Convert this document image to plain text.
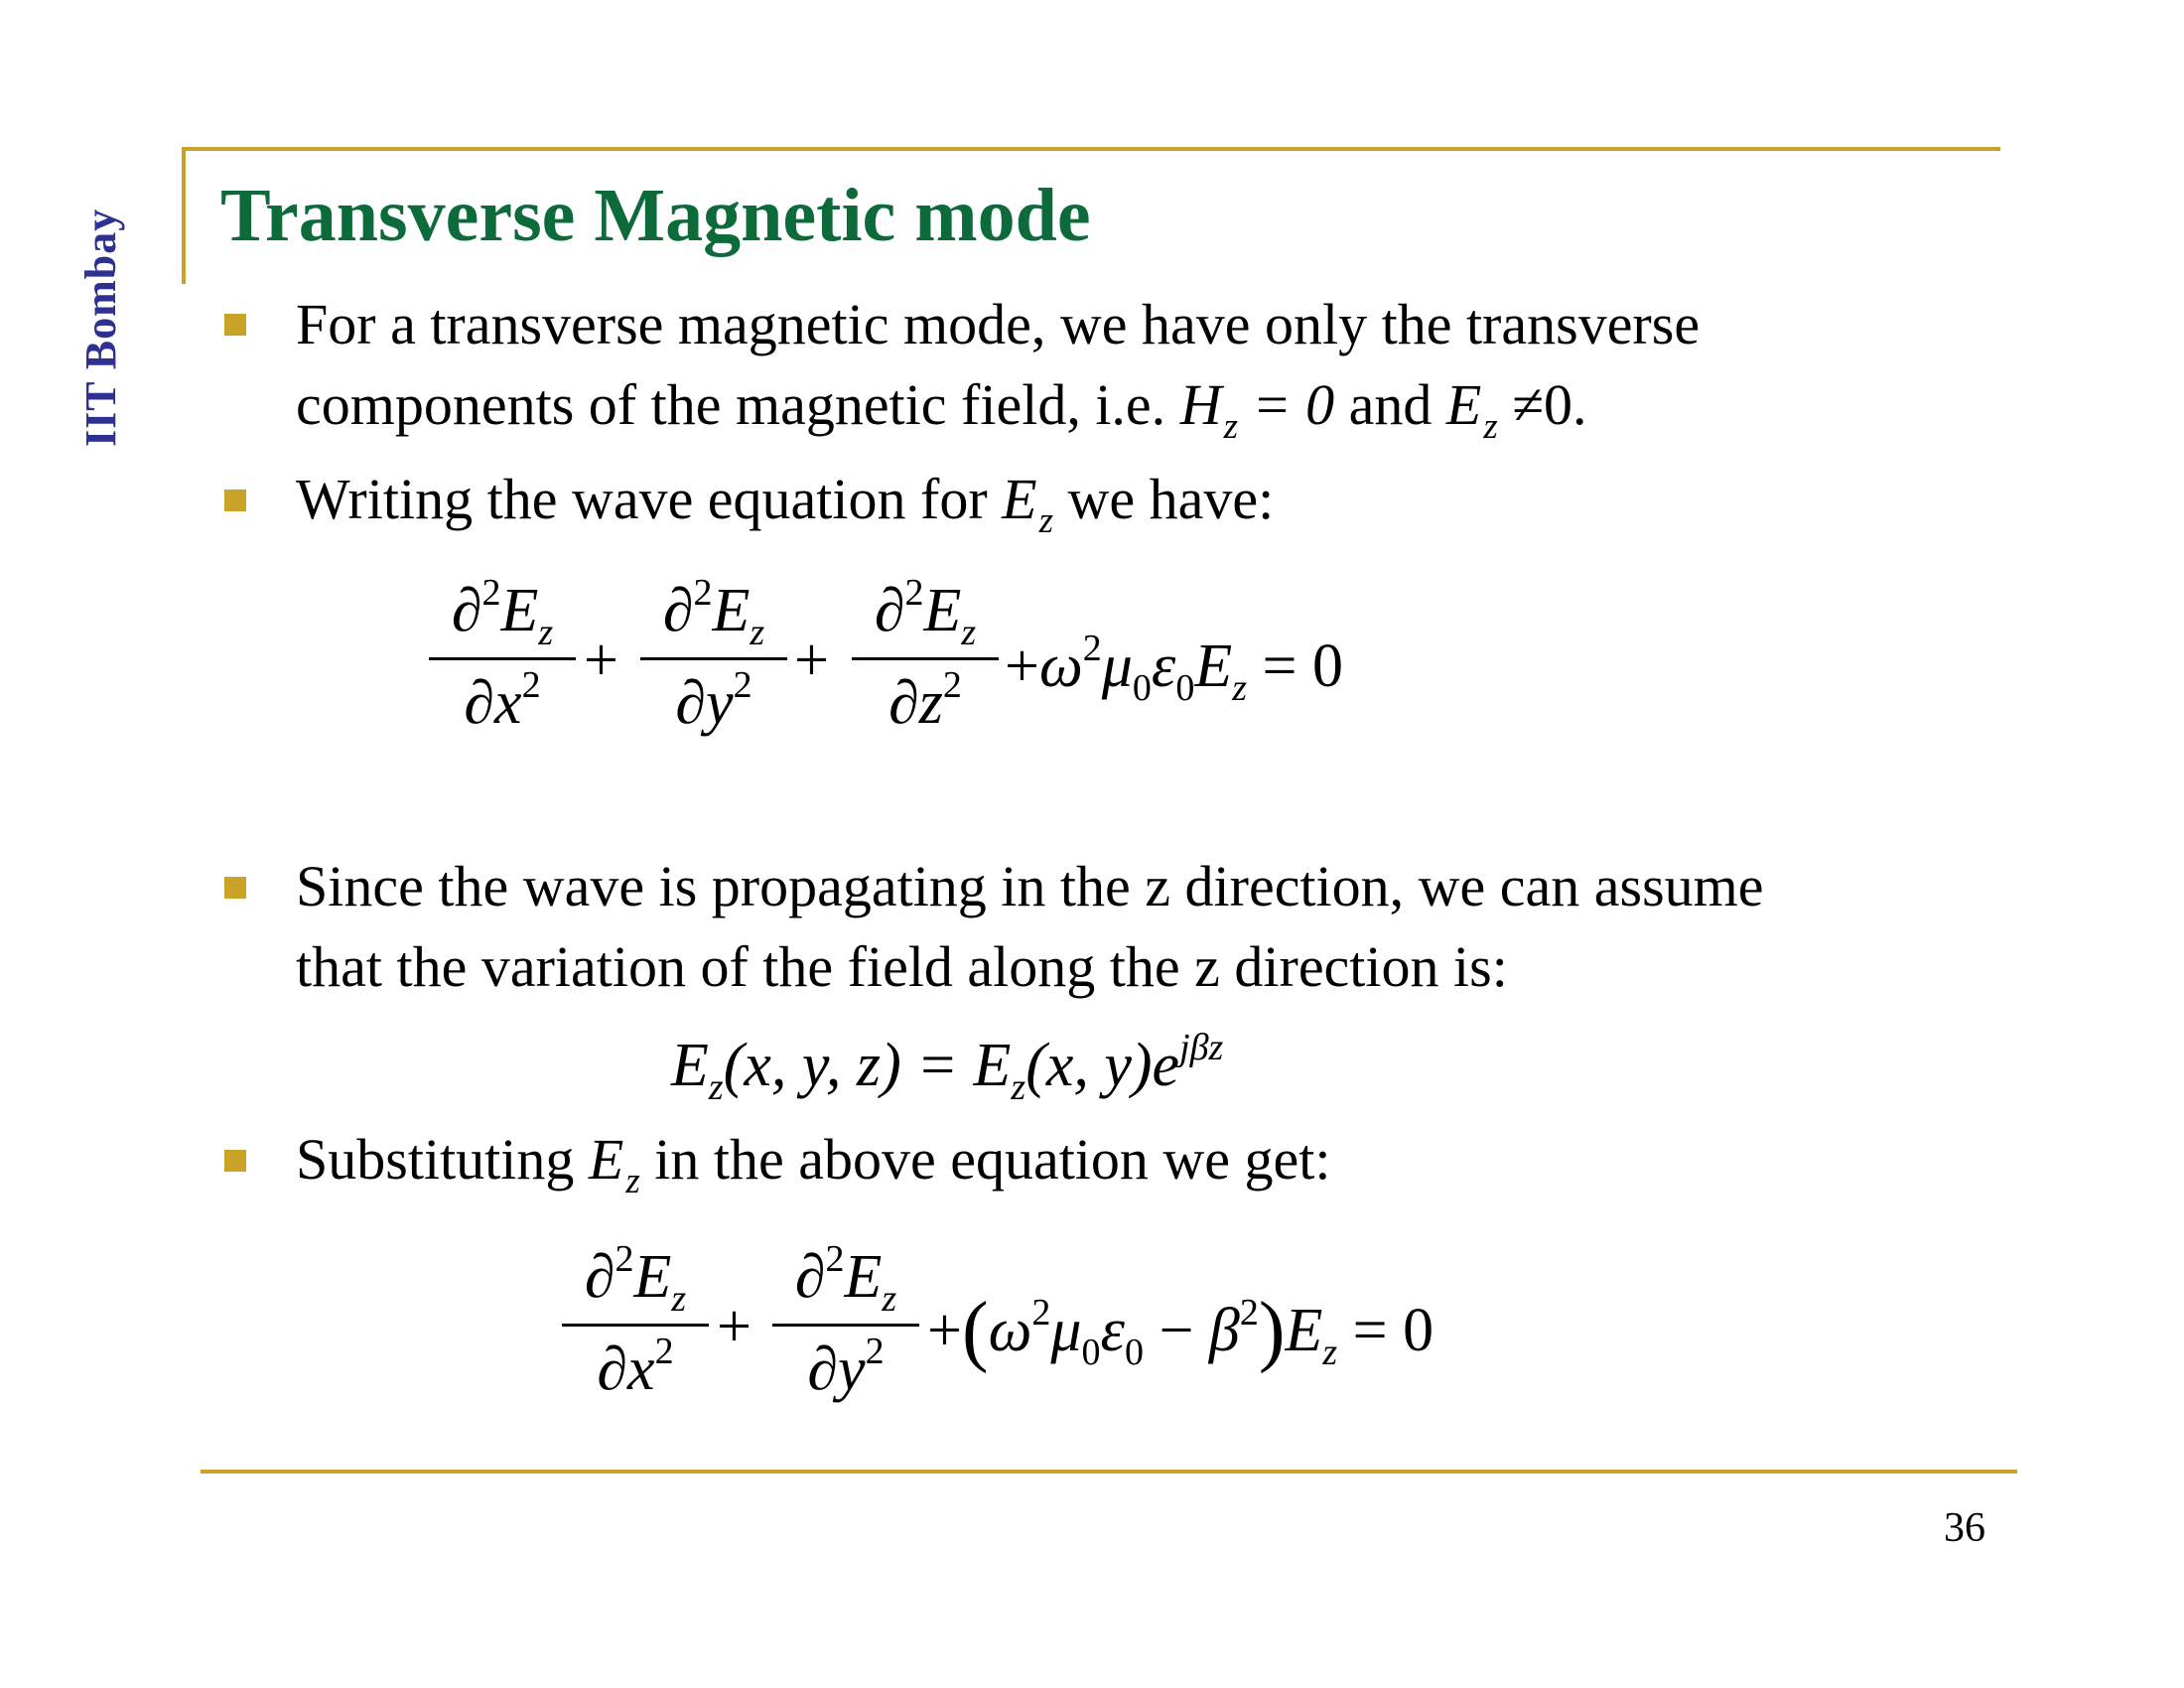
IIT Bombay Transverse Magnetic mode
For a transverse magnetic mode, we have only the transverse
components of the magnetic field, i.e. $H_z = 0$ and $E_z \ne 0$.
Writing the wave equation for $E_z$ we have:
$\partial^2E_z$
$\partial x^2$ +
$\partial^2E_z$
$\partial y^2$ +
$\partial^2E_z$
$\partial z^2 +\omega^2\mu_0\varepsilon_0E_z = 0$
Since the wave is propagating in the z direction, we can assume
that the variation of the field along the z direction is:
$E_z(x$, y, $z) = E_z(x$, $y)e^{j\beta z}$
Substituting $E_z$ in the above equation we get:
$\partial^2E_z$
$\partial x^2$ +
$\partial^2E_z$
$\partial y^2 +(\omega^2\mu_0\varepsilon_0 - \beta^2)E_z = 0$
36
